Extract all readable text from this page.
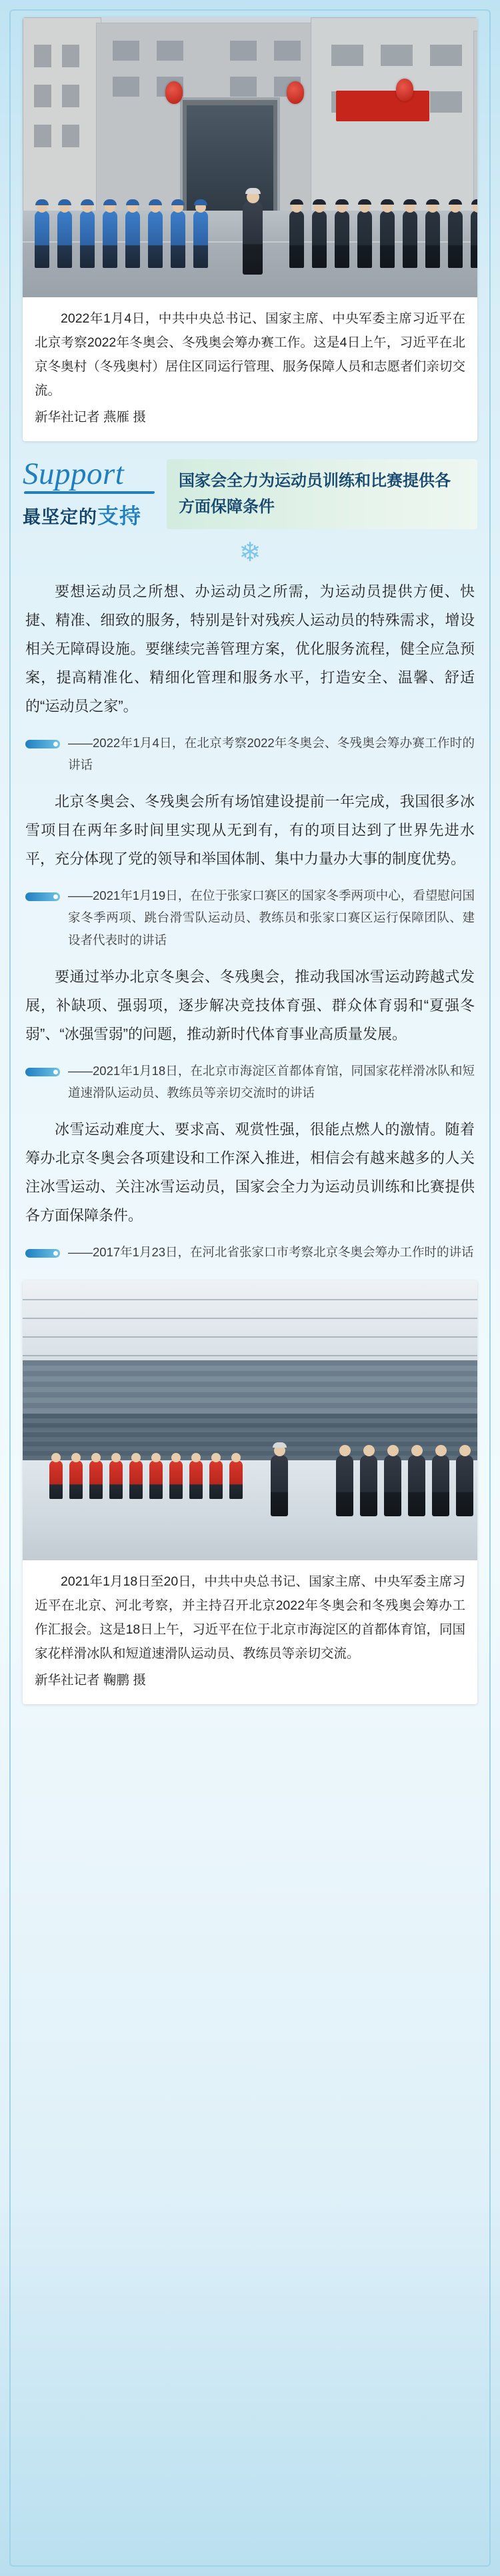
2022年1月4日，中共中央总书记、国家主席、中央军委主席习近平在北京考察2022年冬奥会、冬残奥会筹办赛工作。这是4日上午，习近平在北京冬奥村（冬残奥村）居住区同运行管理、服务保障人员和志愿者们亲切交流。
新华社记者 燕雁 摄
Support
最坚定的支持
国家会全力为运动员训练和比赛提供各方面保障条件
❄
要想运动员之所想、办运动员之所需，为运动员提供方便、快捷、精准、细致的服务，特别是针对残疾人运动员的特殊需求，增设相关无障碍设施。要继续完善管理方案，优化服务流程，健全应急预案，提高精准化、精细化管理和服务水平，打造安全、温馨、舒适的“运动员之家”。
——2022年1月4日，在北京考察2022年冬奥会、冬残奥会筹办赛工作时的讲话
北京冬奥会、冬残奥会所有场馆建设提前一年完成，我国很多冰雪项目在两年多时间里实现从无到有，有的项目达到了世界先进水平，充分体现了党的领导和举国体制、集中力量办大事的制度优势。
——2021年1月19日，在位于张家口赛区的国家冬季两项中心，看望慰问国家冬季两项、跳台滑雪队运动员、教练员和张家口赛区运行保障团队、建设者代表时的讲话
要通过举办北京冬奥会、冬残奥会，推动我国冰雪运动跨越式发展，补缺项、强弱项，逐步解决竞技体育强、群众体育弱和“夏强冬弱”、“冰强雪弱”的问题，推动新时代体育事业高质量发展。
——2021年1月18日，在北京市海淀区首都体育馆，同国家花样滑冰队和短道速滑队运动员、教练员等亲切交流时的讲话
冰雪运动难度大、要求高、观赏性强，很能点燃人的激情。随着筹办北京冬奥会各项建设和工作深入推进，相信会有越来越多的人关注冰雪运动、关注冰雪运动员，国家会全力为运动员训练和比赛提供各方面保障条件。
——2017年1月23日，在河北省张家口市考察北京冬奥会筹办工作时的讲话
2021年1月18日至20日，中共中央总书记、国家主席、中央军委主席习近平在北京、河北考察，并主持召开北京2022年冬奥会和冬残奥会筹办工作汇报会。这是18日上午，习近平在位于北京市海淀区的首都体育馆，同国家花样滑冰队和短道速滑队运动员、教练员等亲切交流。
新华社记者 鞠鹏 摄
